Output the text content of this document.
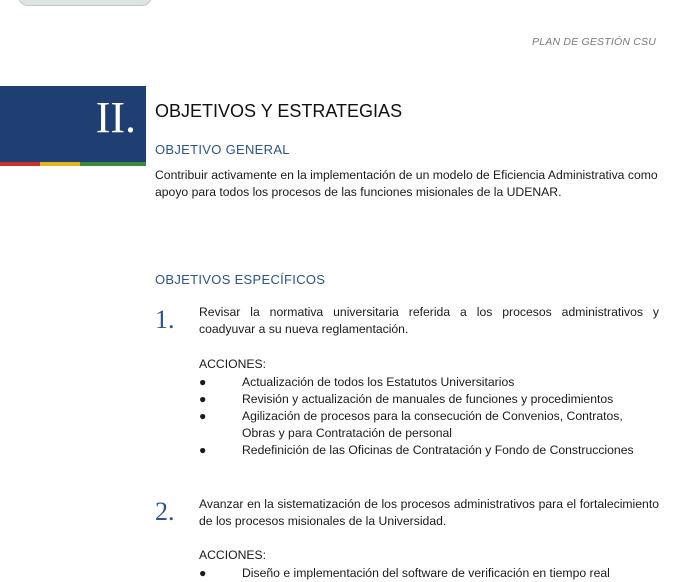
PLAN DE GESTIÓN CSU
II. OBJETIVOS Y ESTRATEGIAS
OBJETIVO GENERAL
Contribuir activamente en la implementación de un modelo de Eficiencia Administrativa como apoyo para todos los procesos de las funciones misionales de la UDENAR.
OBJETIVOS ESPECÍFICOS
1. Revisar la normativa universitaria referida a los procesos administrativos y coadyuvar a su nueva reglamentación.
ACCIONES:
●	Actualización de todos los Estatutos Universitarios
●	Revisión y actualización de manuales de funciones y procedimientos
●	Agilización de procesos para la consecución de Convenios, Contratos, Obras y para Contratación de personal
●	Redefinición de las Oficinas de Contratación y Fondo de Construcciones
2. Avanzar en la sistematización de los procesos administrativos para el fortalecimiento de los procesos misionales de la Universidad.
ACCIONES:
●	Diseño e implementación del software de verificación en tiempo real
